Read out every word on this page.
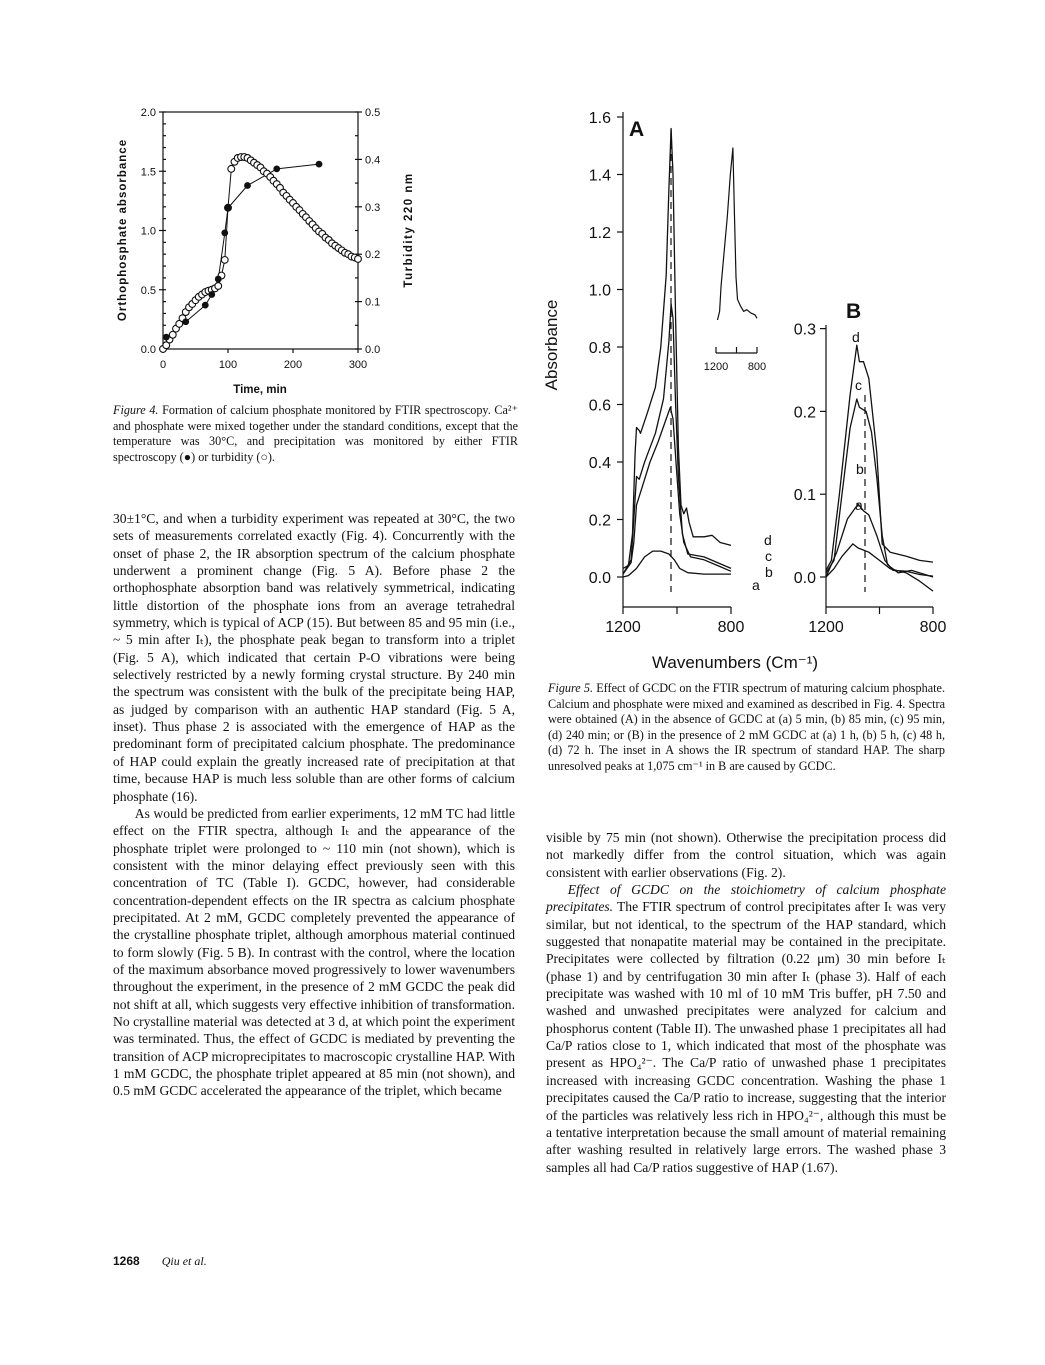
0.0
0.5
1.0
1.5
2.0
0.0
0.1
0.2
0.3
0.4
0.5
0	100	200	300
Time, min
Orthophosphate absorbance	Turbidity 220 nm
0.0
0.2
0.4
0.6
0.8
1.0
1.2
1.4
1.6
1200	800
A
Absorbance
Wavenumbers (Cm⁻¹)
a
b
c
d
1200 800
0.0
0.1
0.2
0.3
1200	800
B
a
b
c
d
Figure 4. Formation of calcium phosphate monitored by FTIR spectroscopy. Ca²⁺ and phosphate were mixed together under the standard conditions, except that the temperature was 30°C, and precipitation was monitored by either FTIR spectroscopy (●) or turbidity (○).
Figure 5. Effect of GCDC on the FTIR spectrum of maturing calcium phosphate. Calcium and phosphate were mixed and examined as described in Fig. 4. Spectra were obtained (A) in the absence of GCDC at (a) 5 min, (b) 85 min, (c) 95 min, (d) 240 min; or (B) in the presence of 2 mM GCDC at (a) 1 h, (b) 5 h, (c) 48 h, (d) 72 h. The inset in A shows the IR spectrum of standard HAP. The sharp unresolved peaks at 1,075 cm⁻¹ in B are caused by GCDC.

30±1°C, and when a turbidity experiment was repeated at 30°C, the two sets of measurements correlated exactly (Fig. 4). Concurrently with the onset of phase 2, the IR absorption spectrum of the calcium phosphate underwent a prominent change (Fig. 5 A). Before phase 2 the orthophosphate absorption band was relatively symmetrical, indicating little distortion of the phosphate ions from an average tetrahedral symmetry, which is typical of ACP (15). But between 85 and 95 min (i.e., ~ 5 min after Iₜ), the phosphate peak began to transform into a triplet (Fig. 5 A), which indicated that certain P-O vibrations were being selectively restricted by a newly forming crystal structure. By 240 min the spectrum was consistent with the bulk of the precipitate being HAP, as judged by comparison with an authentic HAP standard (Fig. 5 A, inset). Thus phase 2 is associated with the emergence of HAP as the predominant form of precipitated calcium phosphate. The predominance of HAP could explain the greatly increased rate of precipitation at that time, because HAP is much less soluble than are other forms of calcium phosphate (16).

As would be predicted from earlier experiments, 12 mM TC had little effect on the FTIR spectra, although Iₜ and the appearance of the phosphate triplet were prolonged to ~ 110 min (not shown), which is consistent with the minor delaying effect previously seen with this concentration of TC (Table I). GCDC, however, had considerable concentration-dependent effects on the IR spectra as calcium phosphate precipitated. At 2 mM, GCDC completely prevented the appearance of the crystalline phosphate triplet, although amorphous material continued to form slowly (Fig. 5 B). In contrast with the control, where the location of the maximum absorbance moved progressively to lower wavenumbers throughout the experiment, in the presence of 2 mM GCDC the peak did not shift at all, which suggests very effective inhibition of transformation. No crystalline material was detected at 3 d, at which point the experiment was terminated. Thus, the effect of GCDC is mediated by preventing the transition of ACP microprecipitates to macroscopic crystalline HAP. With 1 mM GCDC, the phosphate triplet appeared at 85 min (not shown), and 0.5 mM GCDC accelerated the appearance of the triplet, which became

visible by 75 min (not shown). Otherwise the precipitation process did not markedly differ from the control situation, which was again consistent with earlier observations (Fig. 2).

Effect of GCDC on the stoichiometry of calcium phosphate precipitates. The FTIR spectrum of control precipitates after Iₜ was very similar, but not identical, to the spectrum of the HAP standard, which suggested that nonapatite material may be contained in the precipitate. Precipitates were collected by filtration (0.22 μm) 30 min before Iₜ (phase 1) and by centrifugation 30 min after Iₜ (phase 3). Half of each precipitate was washed with 10 ml of 10 mM Tris buffer, pH 7.50 and washed and unwashed precipitates were analyzed for calcium and phosphorus content (Table II). The unwashed phase 1 precipitates all had Ca/P ratios close to 1, which indicated that most of the phosphate was present as HPO₄²⁻. The Ca/P ratio of unwashed phase 1 precipitates increased with increasing GCDC concentration. Washing the phase 1 precipitates caused the Ca/P ratio to increase, suggesting that the interior of the particles was relatively less rich in HPO₄²⁻, although this must be a tentative interpretation because the small amount of material remaining after washing resulted in relatively large errors. The washed phase 3 samples all had Ca/P ratios suggestive of HAP (1.67).

1268 Qiu et al.
